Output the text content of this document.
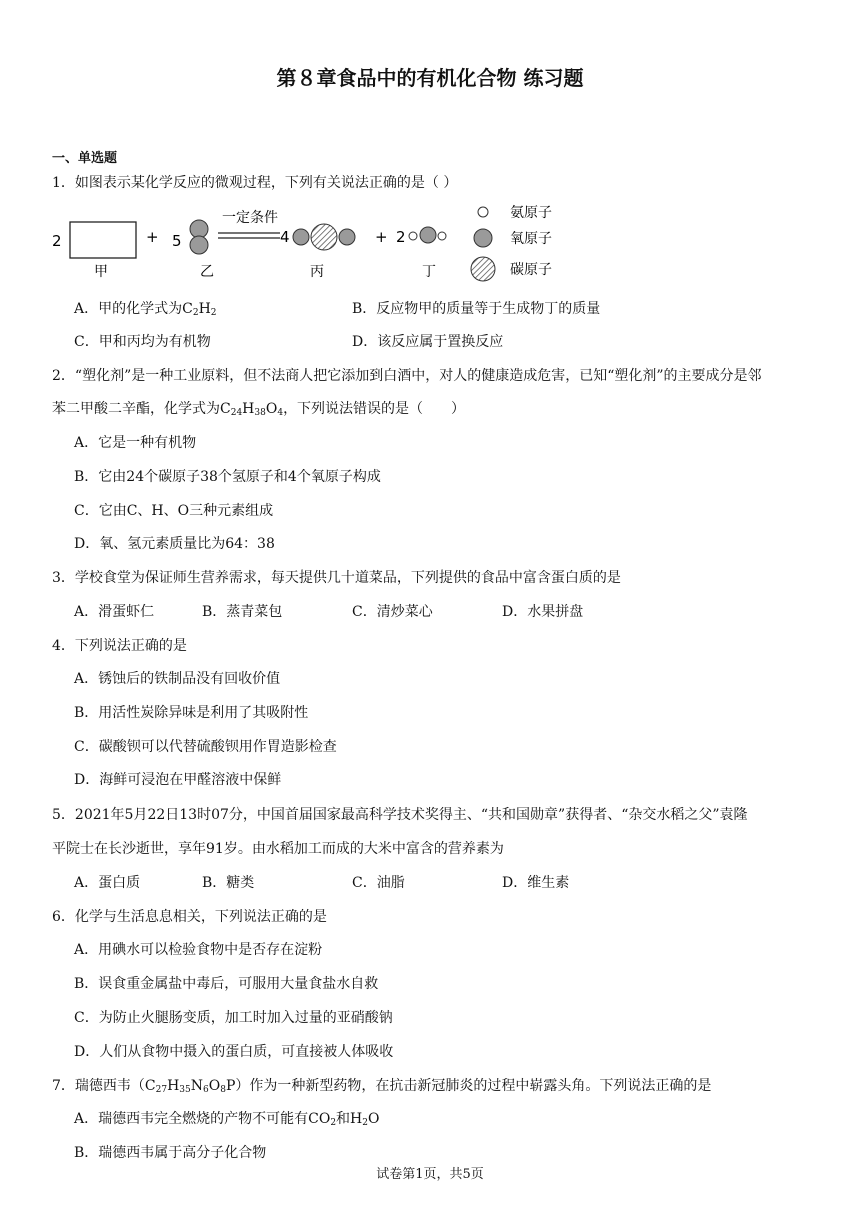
第８章食品中的有机化合物 练习题
一、单选题
1．如图表示某化学反应的微观过程，下列有关说法正确的是（ ）
2	+ 5
一定条件
4	+ 2
甲	乙	丙	丁
氨原子
氧原子
碳原子
A．甲的化学式为$C_2H_2$	B．反应物甲的质量等于生成物丁的质量
C．甲和丙均为有机物	D．该反应属于置换反应
2．“塑化剂”是一种工业原料，但不法商人把它添加到白酒中，对人的健康造成危害，已知“塑化剂”的主要成分是邻
苯二甲酸二辛酯，化学式为$C_{24}H_{38}O_4$，下列说法错误的是（　　）
A．它是一种有机物
B．它由24个碳原子38个氢原子和4个氧原子构成
C．它由C、H、O三种元素组成
D．氧、氢元素质量比为64：38
3．学校食堂为保证师生营养需求，每天提供几十道菜品，下列提供的食品中富含蛋白质的是
A．滑蛋虾仁	B．蒸青菜包	C．清炒菜心	D．水果拼盘
4．下列说法正确的是
A．锈蚀后的铁制品没有回收价值
B．用活性炭除异味是利用了其吸附性
C．碳酸钡可以代替硫酸钡用作胃造影检查
D．海鲜可浸泡在甲醛溶液中保鲜
5．2021年5月22日13时07分，中国首届国家最高科学技术奖得主、“共和国勋章”获得者、“杂交水稻之父”袁隆
平院士在长沙逝世，享年91岁。由水稻加工而成的大米中富含的营养素为
A．蛋白质	B．糖类	C．油脂	D．维生素
6．化学与生活息息相关，下列说法正确的是
A．用碘水可以检验食物中是否存在淀粉
B．误食重金属盐中毒后，可服用大量食盐水自救
C．为防止火腿肠变质，加工时加入过量的亚硝酸钠
D．人们从食物中摄入的蛋白质，可直接被人体吸收
7．瑞德西韦$(C_{27}H_{35}N_6O_8P)$作为一种新型药物，在抗击新冠肺炎的过程中崭露头角。下列说法正确的是
A．瑞德西韦完全燃烧的产物不可能有$CO_2$和$H_2O$
B．瑞德西韦属于高分子化合物
试卷第1页，共5页
